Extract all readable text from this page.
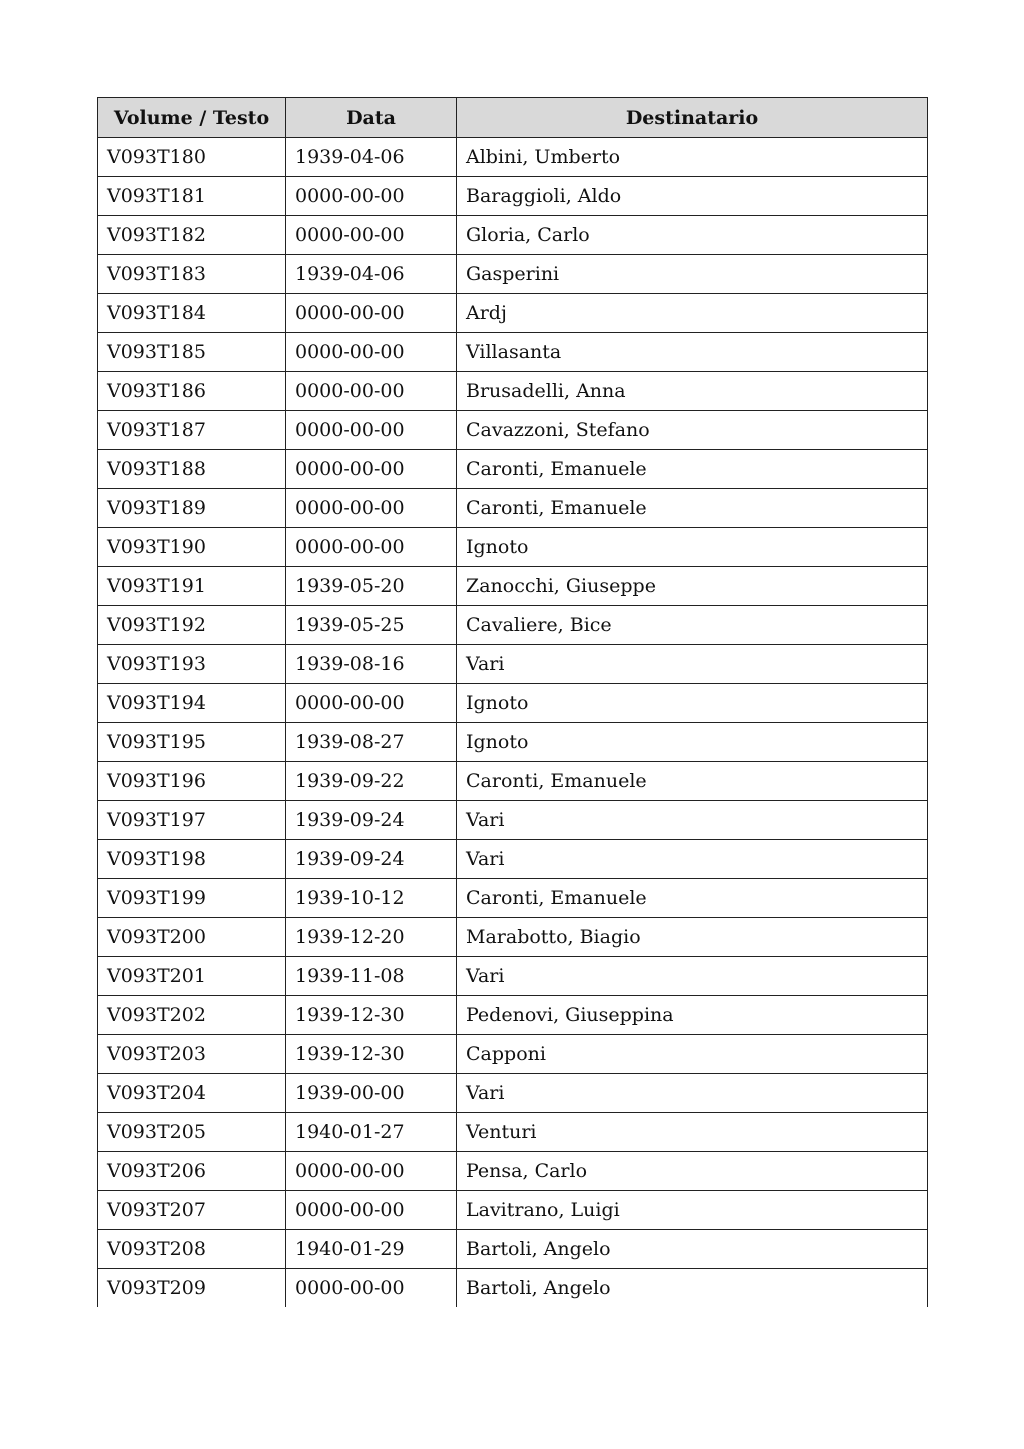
Volume / Testo	Data	Destinatario
V093T180	1939-04-06	Albini, Umberto
V093T181	0000-00-00	Baraggioli, Aldo
V093T182	0000-00-00	Gloria, Carlo
V093T183	1939-04-06	Gasperini
V093T184	0000-00-00	Ardj
V093T185	0000-00-00	Villasanta
V093T186	0000-00-00	Brusadelli, Anna
V093T187	0000-00-00	Cavazzoni, Stefano
V093T188	0000-00-00	Caronti, Emanuele
V093T189	0000-00-00	Caronti, Emanuele
V093T190	0000-00-00	Ignoto
V093T191	1939-05-20	Zanocchi, Giuseppe
V093T192	1939-05-25	Cavaliere, Bice
V093T193	1939-08-16	Vari
V093T194	0000-00-00	Ignoto
V093T195	1939-08-27	Ignoto
V093T196	1939-09-22	Caronti, Emanuele
V093T197	1939-09-24	Vari
V093T198	1939-09-24	Vari
V093T199	1939-10-12	Caronti, Emanuele
V093T200	1939-12-20	Marabotto, Biagio
V093T201	1939-11-08	Vari
V093T202	1939-12-30	Pedenovi, Giuseppina
V093T203	1939-12-30	Capponi
V093T204	1939-00-00	Vari
V093T205	1940-01-27	Venturi
V093T206	0000-00-00	Pensa, Carlo
V093T207	0000-00-00	Lavitrano, Luigi
V093T208	1940-01-29	Bartoli, Angelo
V093T209	0000-00-00	Bartoli, Angelo
